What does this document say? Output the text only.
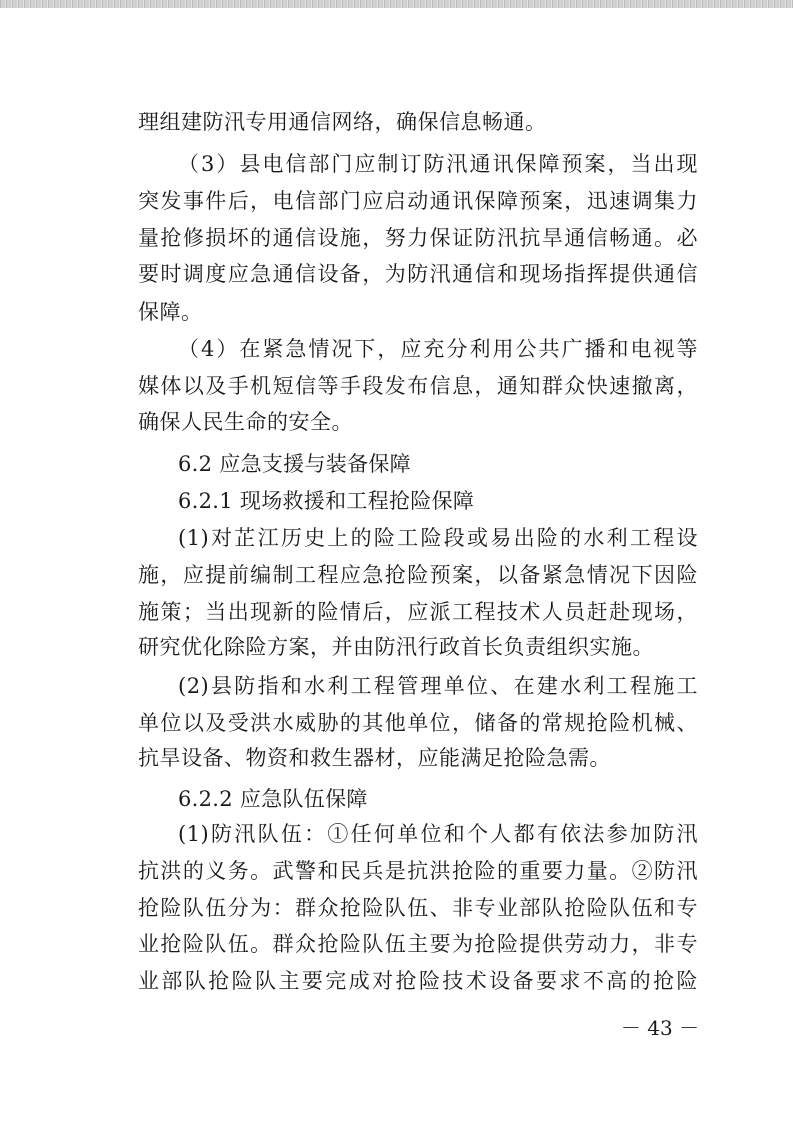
理组建防汛专用通信网络，确保信息畅通。
（3）县电信部门应制订防汛通讯保障预案，当出现
突发事件后，电信部门应启动通讯保障预案，迅速调集力
量抢修损坏的通信设施，努力保证防汛抗旱通信畅通。必
要时调度应急通信设备，为防汛通信和现场指挥提供通信
保障。
（4）在紧急情况下，应充分利用公共广播和电视等
媒体以及手机短信等手段发布信息，通知群众快速撤离，
确保人民生命的安全。
6.2 应急支援与装备保障
6.2.1 现场救援和工程抢险保障
(1)对芷江历史上的险工险段或易出险的水利工程设
施，应提前编制工程应急抢险预案，以备紧急情况下因险
施策；当出现新的险情后，应派工程技术人员赶赴现场，
研究优化除险方案，并由防汛行政首长负责组织实施。
(2)县防指和水利工程管理单位、在建水利工程施工
单位以及受洪水威胁的其他单位，储备的常规抢险机械、
抗旱设备、物资和救生器材，应能满足抢险急需。
6.2.2 应急队伍保障
(1)防汛队伍：①任何单位和个人都有依法参加防汛
抗洪的义务。武警和民兵是抗洪抢险的重要力量。②防汛
抢险队伍分为：群众抢险队伍、非专业部队抢险队伍和专
业抢险队伍。群众抢险队伍主要为抢险提供劳动力，非专
业部队抢险队主要完成对抢险技术设备要求不高的抢险
－ 43 －
